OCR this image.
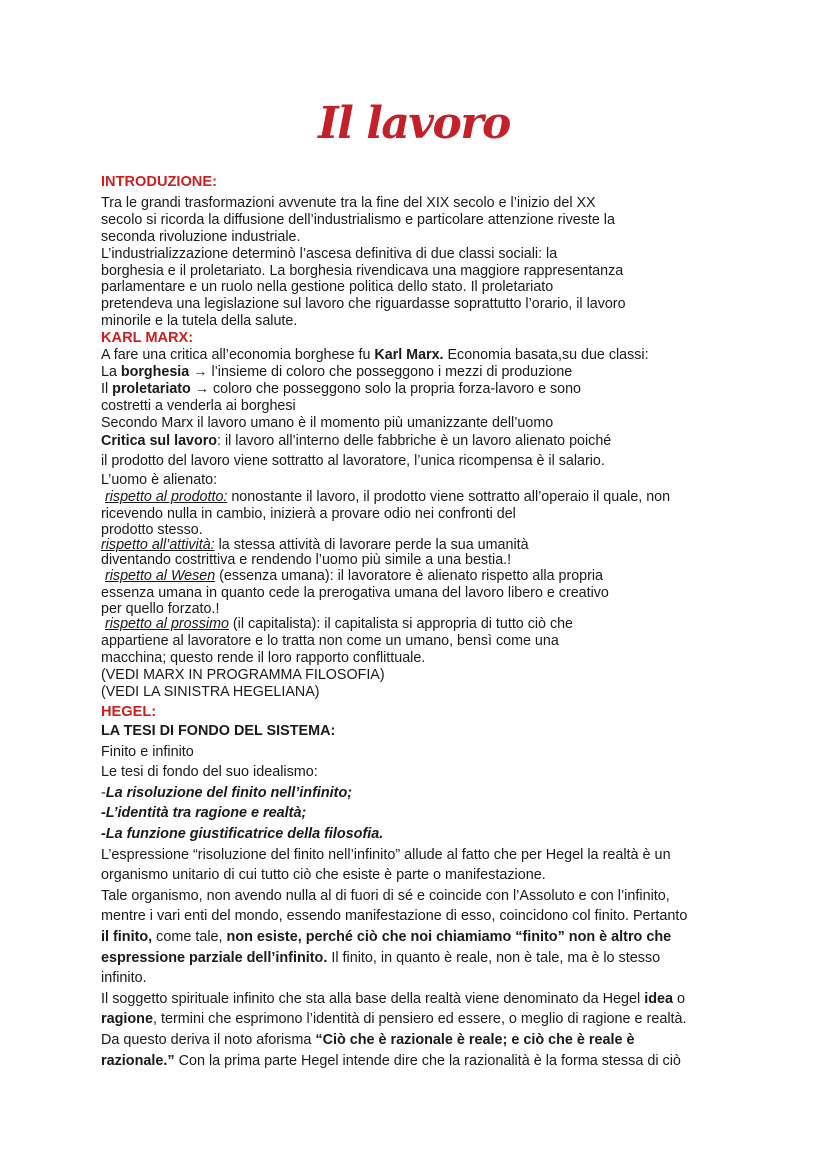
Il lavoro
INTRODUZIONE:
Tra le grandi trasformazioni avvenute tra la fine del XIX secolo e l’inizio del XX
secolo si ricorda la diffusione dell’industrialismo e particolare attenzione riveste la
seconda rivoluzione industriale.
L’industrializzazione determinò l’ascesa definitiva di due classi sociali: la
borghesia e il proletariato. La borghesia rivendicava una maggiore rappresentanza
parlamentare e un ruolo nella gestione politica dello stato. Il proletariato
pretendeva una legislazione sul lavoro che riguardasse soprattutto l’orario, il lavoro
minorile e la tutela della salute.
KARL MARX:
A fare una critica all’economia borghese fu Karl Marx. Economia basata,su due classi:
La borghesia → l’insieme di coloro che posseggono i mezzi di produzione
Il proletariato → coloro che posseggono solo la propria forza-lavoro e sono
costretti a venderla ai borghesi
Secondo Marx il lavoro umano è il momento più umanizzante dell’uomo
Critica sul lavoro: il lavoro all’interno delle fabbriche è un lavoro alienato poiché
il prodotto del lavoro viene sottratto al lavoratore, l’unica ricompensa è il salario.
L’uomo è alienato:
rispetto al prodotto: nonostante il lavoro, il prodotto viene sottratto all’operaio il quale, non
ricevendo nulla in cambio, inizierà a provare odio nei confronti del
prodotto stesso.
rispetto all’attività: la stessa attività di lavorare perde la sua umanità
diventando costrittiva e rendendo l’uomo più simile a una bestia.!
rispetto al Wesen (essenza umana): il lavoratore è alienato rispetto alla propria
essenza umana in quanto cede la prerogativa umana del lavoro libero e creativo
per quello forzato.!
rispetto al prossimo (il capitalista): il capitalista si appropria di tutto ciò che
appartiene al lavoratore e lo tratta non come un umano, bensì come una
macchina; questo rende il loro rapporto conflittuale.
(VEDI MARX IN PROGRAMMA FILOSOFIA)
(VEDI LA SINISTRA HEGELIANA)
HEGEL:
LA TESI DI FONDO DEL SISTEMA:
Finito e infinito
Le tesi di fondo del suo idealismo:
-La risoluzione del finito nell’infinito;
-L’identità tra ragione e realtà;
-La funzione giustificatrice della filosofia.
L’espressione “risoluzione del finito nell’infinito” allude al fatto che per Hegel la realtà è un
organismo unitario di cui tutto ciò che esiste è parte o manifestazione.
Tale organismo, non avendo nulla al di fuori di sé e coincide con l’Assoluto e con l’infinito,
mentre i vari enti del mondo, essendo manifestazione di esso, coincidono col finito. Pertanto
il finito, come tale, non esiste, perché ciò che noi chiamiamo “finito” non è altro che
espressione parziale dell’infinito. Il finito, in quanto è reale, non è tale, ma è lo stesso
infinito.
Il soggetto spirituale infinito che sta alla base della realtà viene denominato da Hegel idea o
ragione, termini che esprimono l’identità di pensiero ed essere, o meglio di ragione e realtà.
Da questo deriva il noto aforisma “Ciò che è razionale è reale; e ciò che è reale è
razionale.” Con la prima parte Hegel intende dire che la razionalità è la forma stessa di ciò
